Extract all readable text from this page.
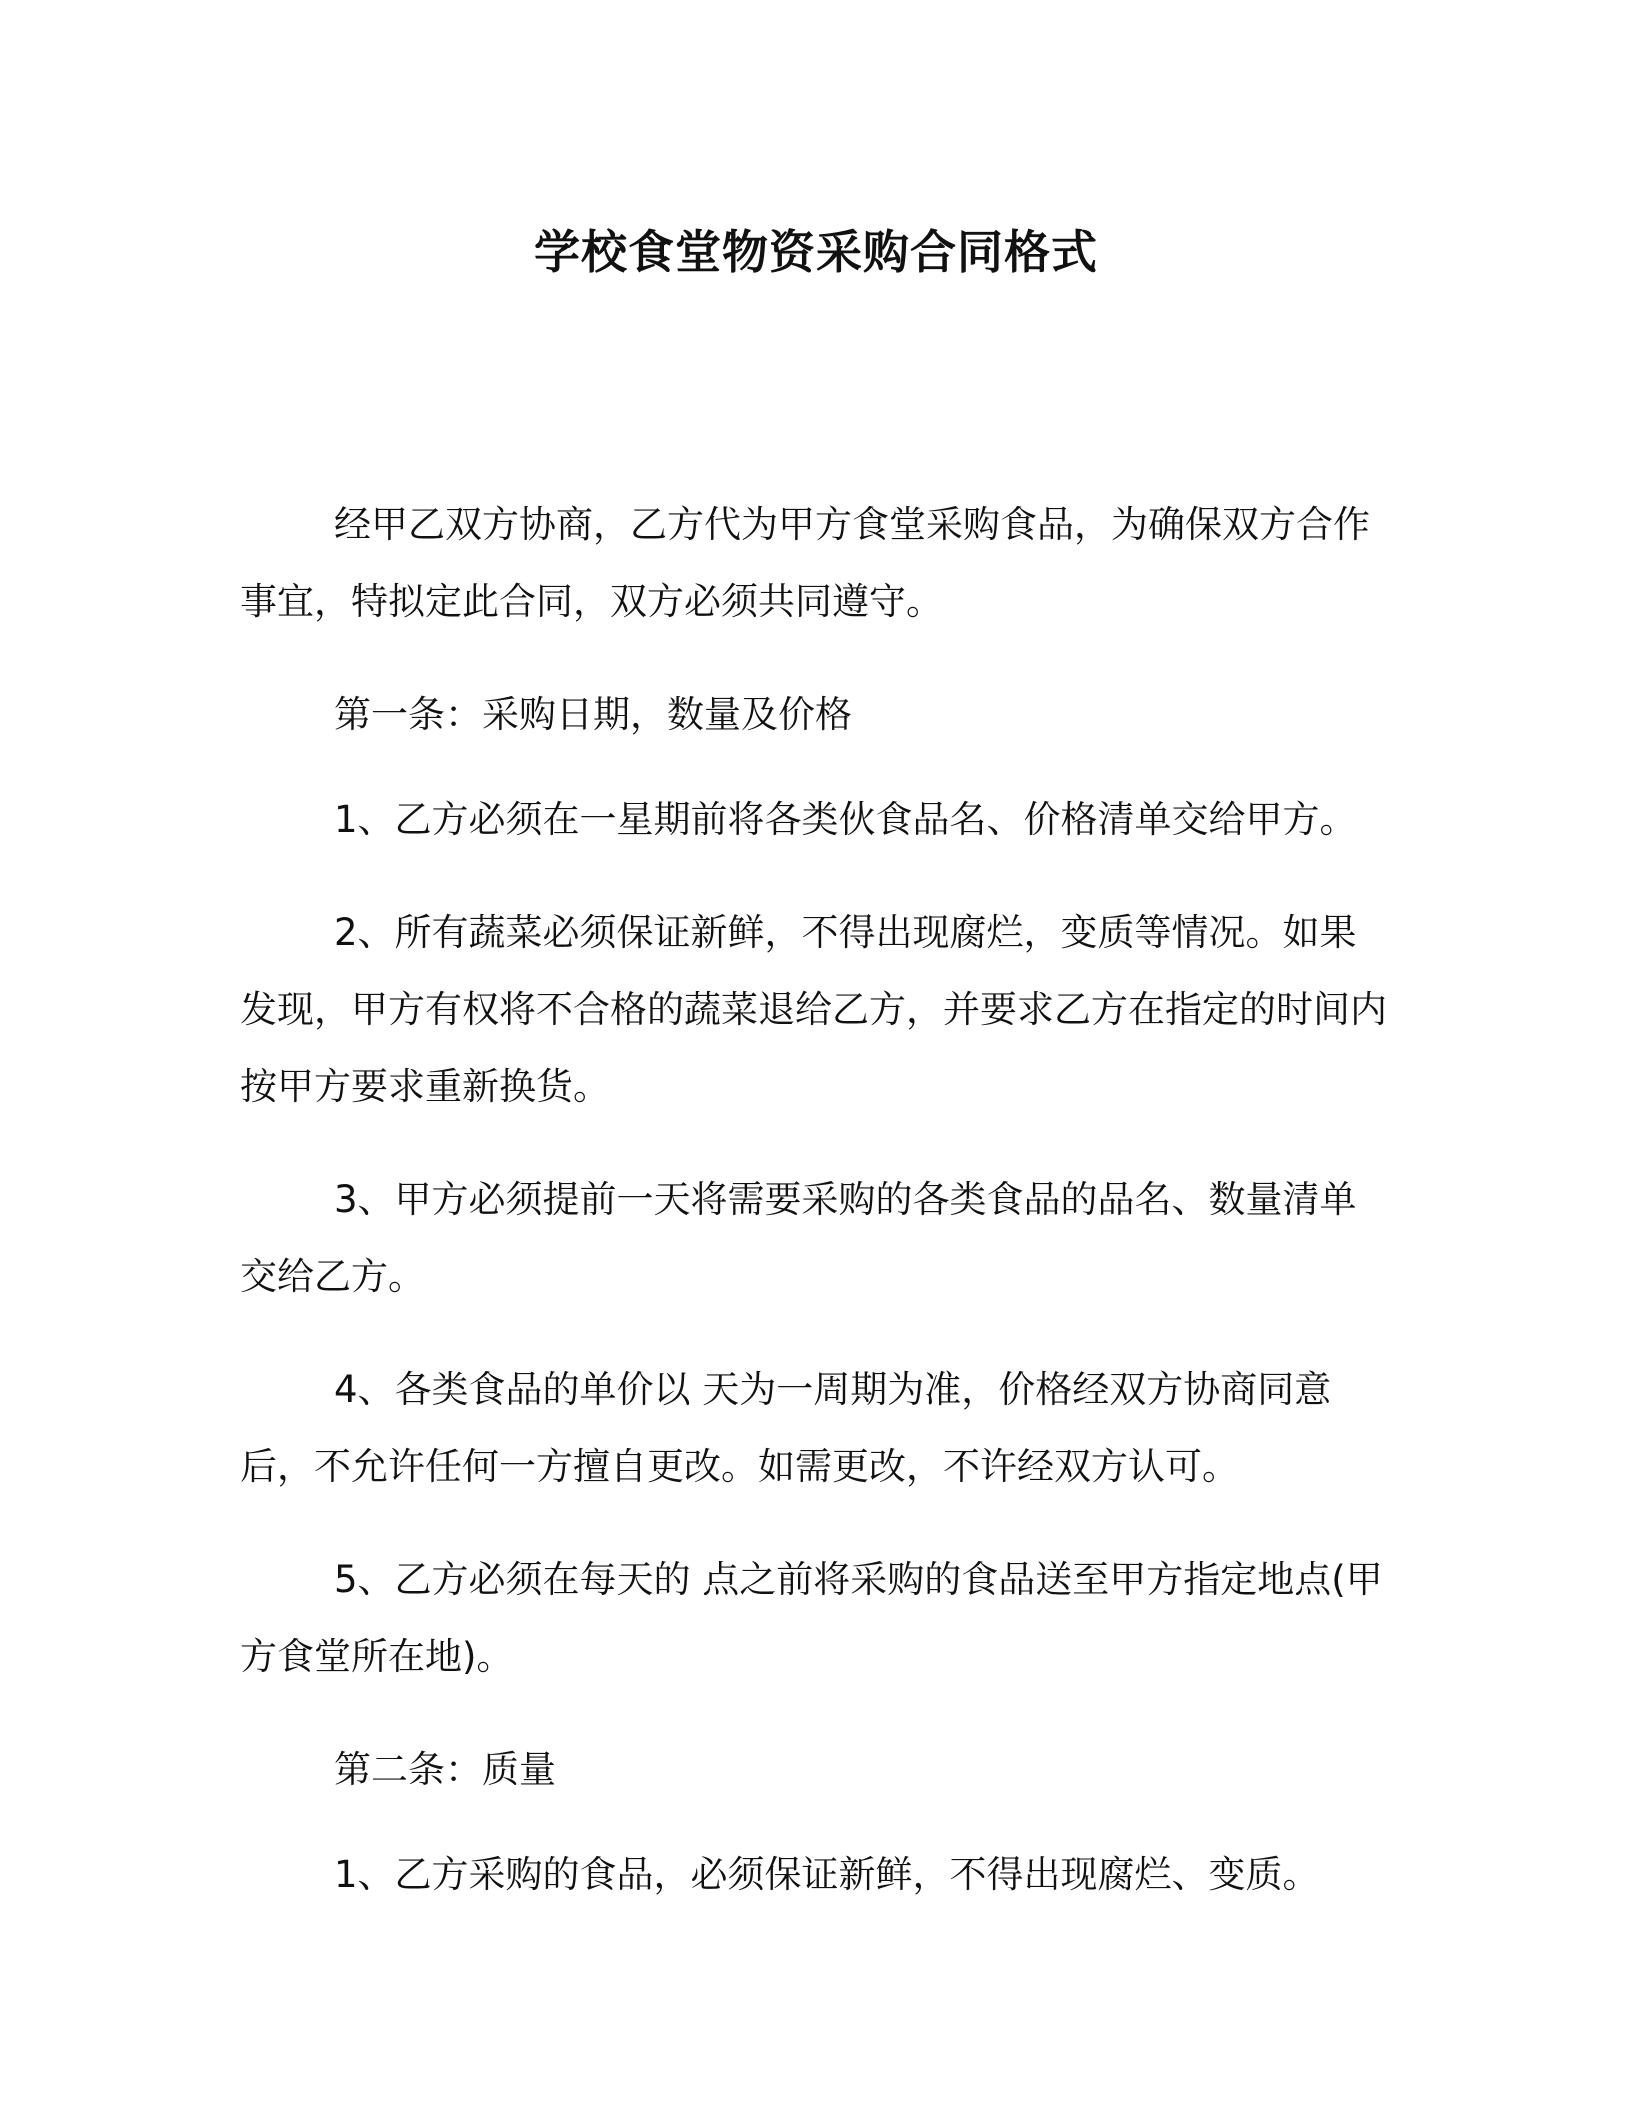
学校食堂物资采购合同格式

经甲乙双方协商，乙方代为甲方食堂采购食品，为确保双方合作事宜，特拟定此合同，双方必须共同遵守。

第一条：采购日期，数量及价格

1、乙方必须在一星期前将各类伙食品名、价格清单交给甲方。

2、所有蔬菜必须保证新鲜，不得出现腐烂，变质等情况。如果发现，甲方有权将不合格的蔬菜退给乙方，并要求乙方在指定的时间内按甲方要求重新换货。

3、甲方必须提前一天将需要采购的各类食品的品名、数量清单交给乙方。

4、各类食品的单价以 天为一周期为准，价格经双方协商同意后，不允许任何一方擅自更改。如需更改，不许经双方认可。

5、乙方必须在每天的 点之前将采购的食品送至甲方指定地点(甲方食堂所在地)。

第二条：质量

1、乙方采购的食品，必须保证新鲜，不得出现腐烂、变质。
